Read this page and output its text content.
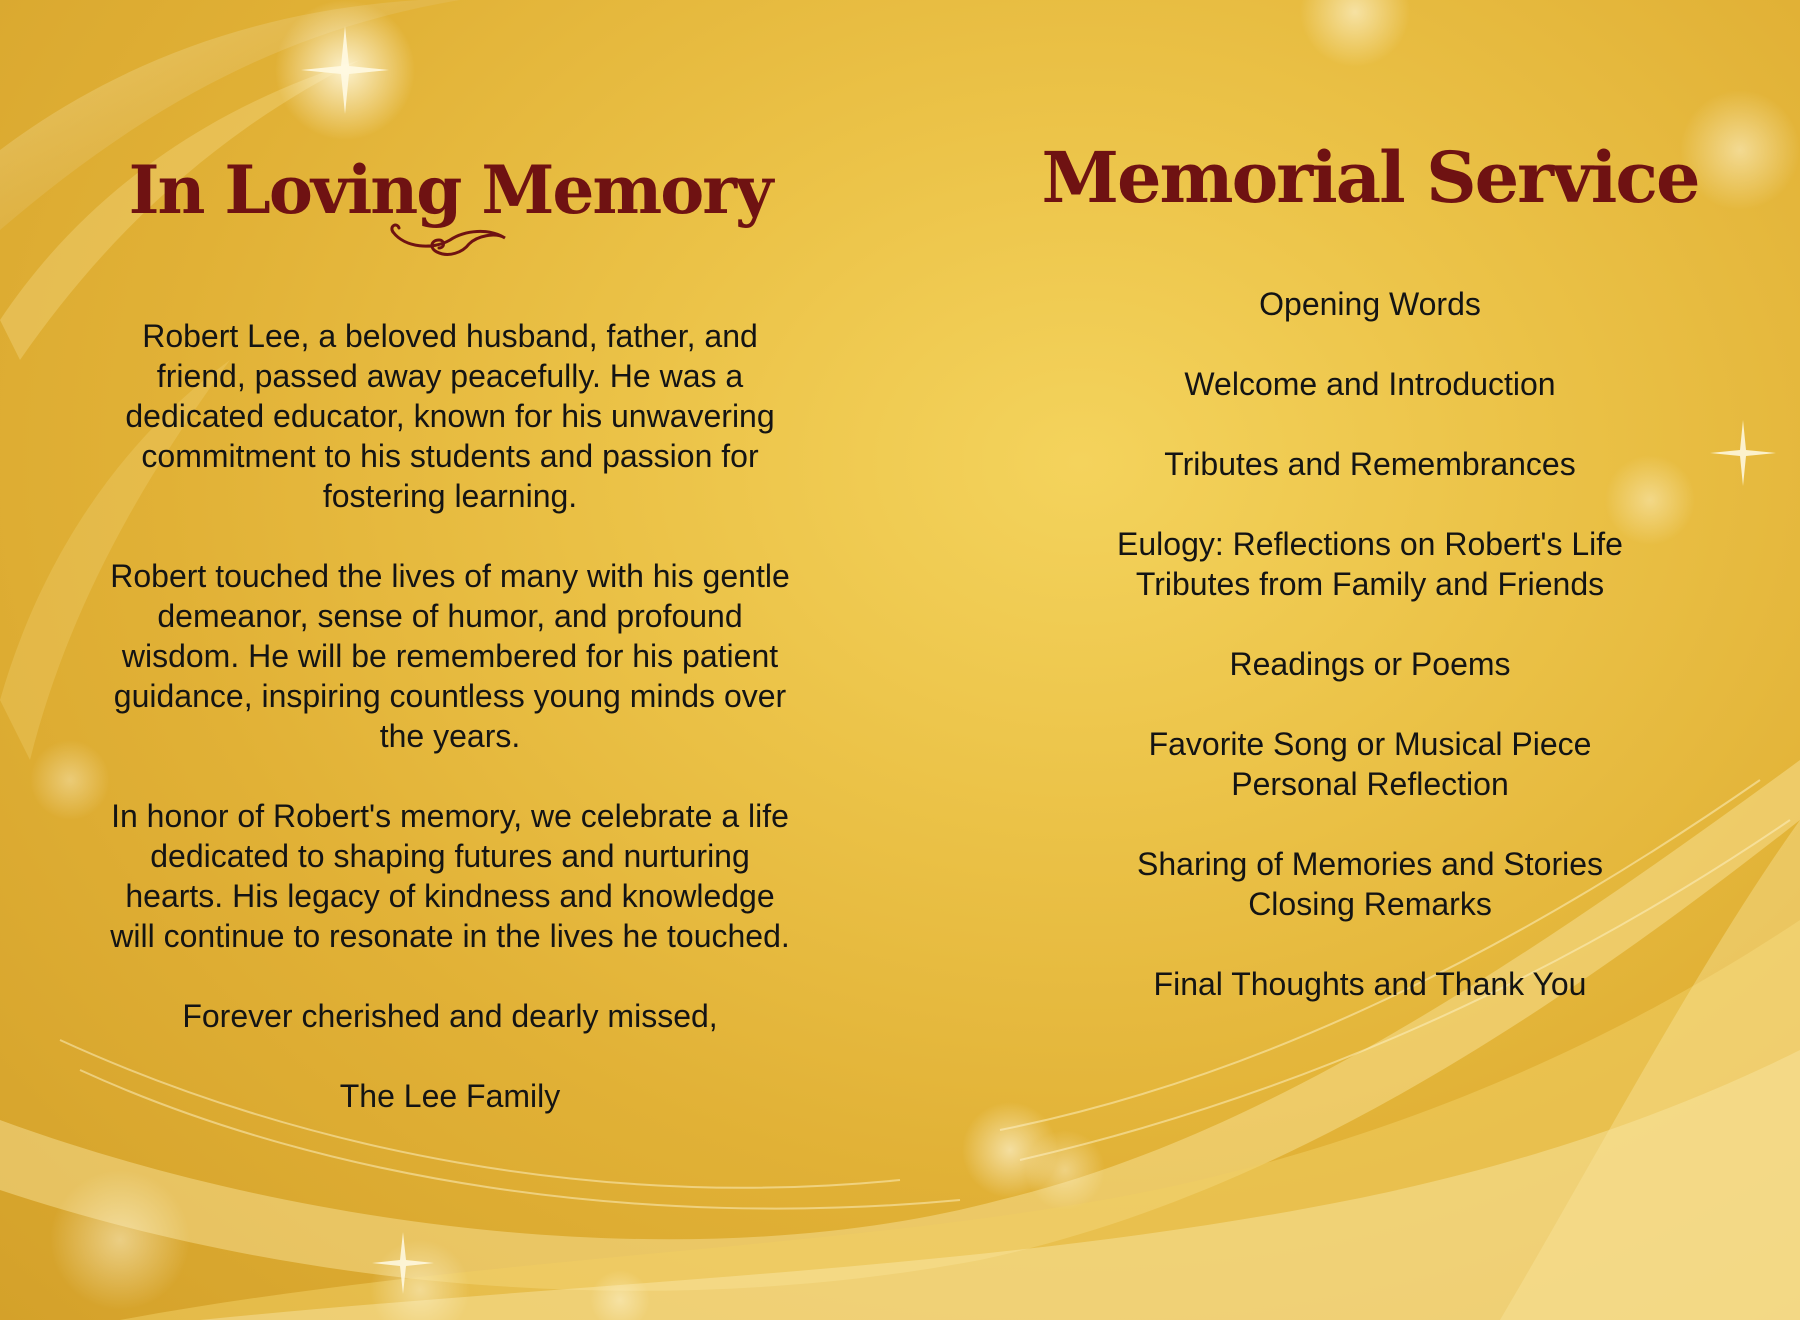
In Loving Memory

Robert Lee, a beloved husband, father, and friend, passed away peacefully. He was a dedicated educator, known for his unwavering commitment to his students and passion for fostering learning.

Robert touched the lives of many with his gentle demeanor, sense of humor, and profound wisdom. He will be remembered for his patient guidance, inspiring countless young minds over the years.

In honor of Robert's memory, we celebrate a life dedicated to shaping futures and nurturing hearts. His legacy of kindness and knowledge will continue to resonate in the lives he touched.

Forever cherished and dearly missed,

The Lee Family

Memorial Service
Opening Words
Welcome and Introduction
Tributes and Remembrances
Eulogy: Reflections on Robert's Life
Tributes from Family and Friends
Readings or Poems
Favorite Song or Musical Piece
Personal Reflection
Sharing of Memories and Stories
Closing Remarks
Final Thoughts and Thank You
